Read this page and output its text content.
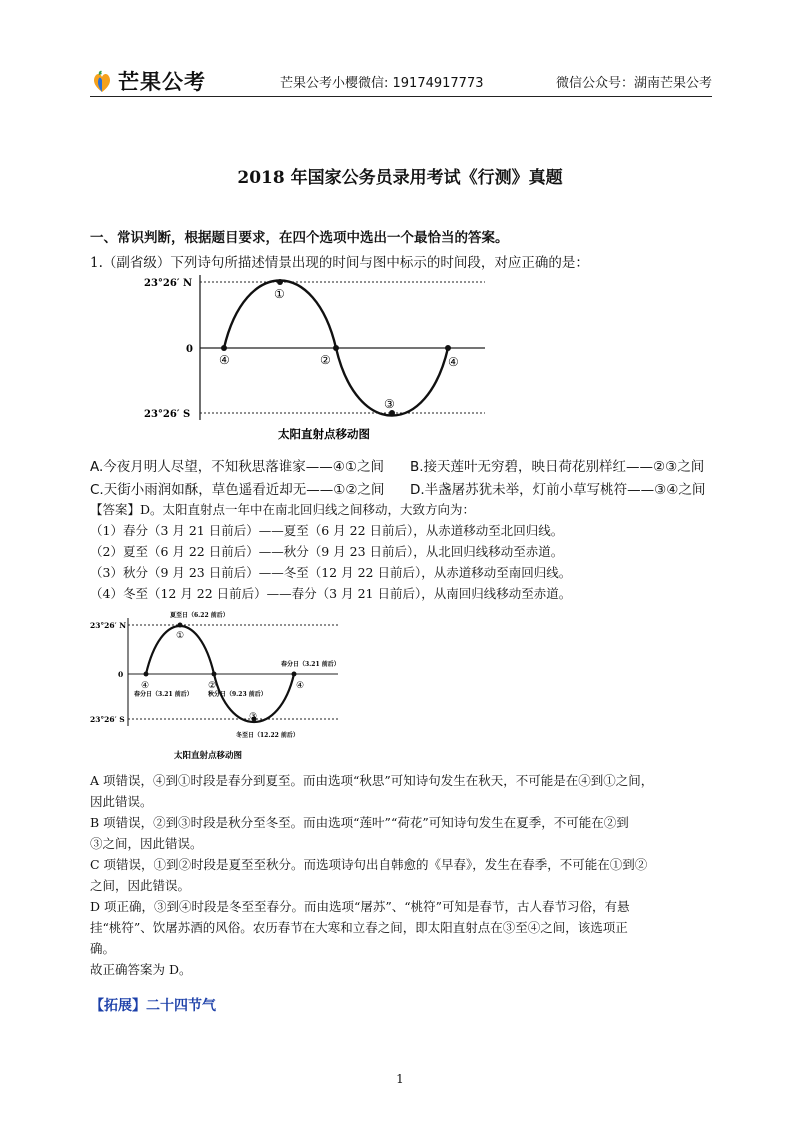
芒果公考	芒果公考小樱微信: 19174917773	微信公众号：湖南芒果公考
2018 年国家公务员录用考试《行测》真题
一、常识判断，根据题目要求，在四个选项中选出一个最恰当的答案。
1.（副省级）下列诗句所描述情景出现的时间与图中标示的时间段，对应正确的是：
23°26′ N
0
23°26′ S
①
②
③
④	④
太阳直射点移动图
A.今夜月明人尽望，不知秋思落谁家——④①之间 B.接天莲叶无穷碧，映日荷花别样红——②③之间
C.天街小雨润如酥，草色遥看近却无——①②之间 D.半盏屠苏犹未举，灯前小草写桃符——③④之间
【答案】D。太阳直射点一年中在南北回归线之间移动，大致方向为：
（1）春分（3 月 21 日前后）——夏至（6 月 22 日前后），从赤道移动至北回归线。
（2）夏至（6 月 22 日前后）——秋分（9 月 23 日前后），从北回归线移动至赤道。
（3）秋分（9 月 23 日前后）——冬至（12 月 22 日前后），从赤道移动至南回归线。
（4）冬至（12 月 22 日前后）——春分（3 月 21 日前后），从南回归线移动至赤道。
23°26′ N
0
23°26′ S
夏至日（6.22 前后）
春分日（3.21 前后）
春分日（3.21 前后）	秋分日（9.23 前后）
冬至日（12.22 前后）
①
②
③
④	④
太阳直射点移动图
A 项错误，④到①时段是春分到夏至。而由选项“秋思”可知诗句发生在秋天，不可能是在④到①之间，
因此错误。
B 项错误，②到③时段是秋分至冬至。而由选项“莲叶”“荷花”可知诗句发生在夏季，不可能在②到
③之间，因此错误。
C 项错误，①到②时段是夏至至秋分。而选项诗句出自韩愈的《早春》，发生在春季，不可能在①到②
之间，因此错误。
D 项正确，③到④时段是冬至至春分。而由选项“屠苏”、“桃符”可知是春节，古人春节习俗，有悬
挂“桃符”、饮屠苏酒的风俗。农历春节在大寒和立春之间，即太阳直射点在③至④之间，该选项正
确。
故正确答案为 D。
【拓展】二十四节气
1
